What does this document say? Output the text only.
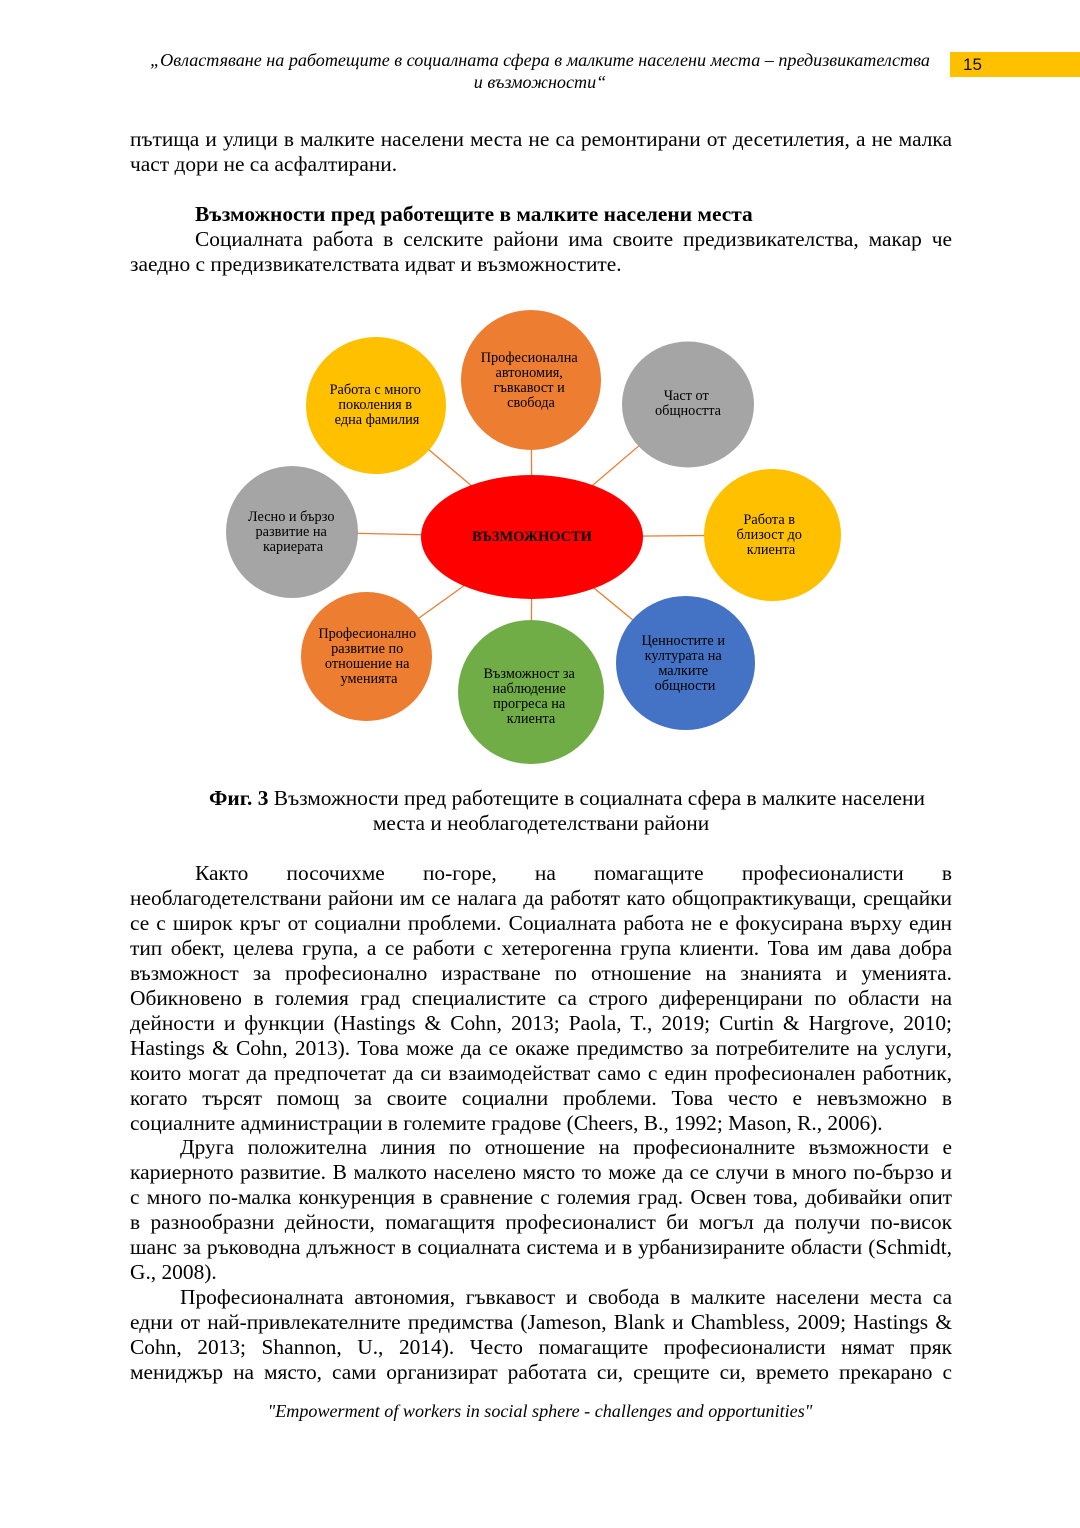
„Овластяване на работещите в социалната сфера в малките населени места – предизвикателства
и възможности“
15
пътища и улици в малките населени места не са ремонтирани от десетилетия, а не малка
част дори не са асфалтирани.
Възможности пред работещите в малките населени места
Социалната работа в селските райони има своите предизвикателства, макар че
заедно с предизвикателствата идват и възможностите.
ВЪЗМОЖНОСТИ
Професионална автономия, гъвкавост и свобода	Част от общността
Работа в близост до клиента
Ценностите и културата на малките общности
Възможност за наблюдение прогреса на клиента
Професионално развитие по отношение на уменията
Лесно и бързо развитие на кариерата
Работа с много поколения в една фамилия
Фиг. 3 Възможности пред работещите в социалната сфера в малките населени
места и необлагодетелствани райони
Както посочихме по-горе, на помагащите професионалисти в
необлагодетелствани райони им се налага да работят като общопрактикуващи, срещайки
се с широк кръг от социални проблеми. Социалната работа не е фокусирана върху един
тип обект, целева група, а се работи с хетерогенна група клиенти. Това им дава добра
възможност за професионално израстване по отношение на знанията и уменията.
Обикновено в големия град специалистите са строго диференцирани по области на
дейности и функции (Hastings & Cohn, 2013; Paola, T., 2019; Curtin & Hargrove, 2010;
Hastings & Cohn, 2013). Това може да се окаже предимство за потребителите на услуги,
които могат да предпочетат да си взаимодействат само с един професионален работник,
когато търсят помощ за своите социални проблеми. Това често е невъзможно в
социалните администрации в големите градове (Cheers, B., 1992; Mason, R., 2006).
Друга положителна линия по отношение на професионалните възможности е
кариерното развитие. В малкото населено място то може да се случи в много по-бързо и
с много по-малка конкуренция в сравнение с големия град. Освен това, добивайки опит
в разнообразни дейности, помагащитя професионалист би могъл да получи по-висок
шанс за ръководна длъжност в социалната система и в урбанизираните области (Schmidt,
G., 2008).
Професионалната автономия, гъвкавост и свобода в малките населени места са
едни от най-привлекателните предимства (Jameson, Blank и Chambless, 2009; Hastings &
Cohn, 2013; Shannon, U., 2014). Често помагащите професионалисти нямат пряк
мениджър на място, сами организират работата си, срещите си, времето прекарано с
"Empowerment of workers in social sphere - challenges and opportunities"
